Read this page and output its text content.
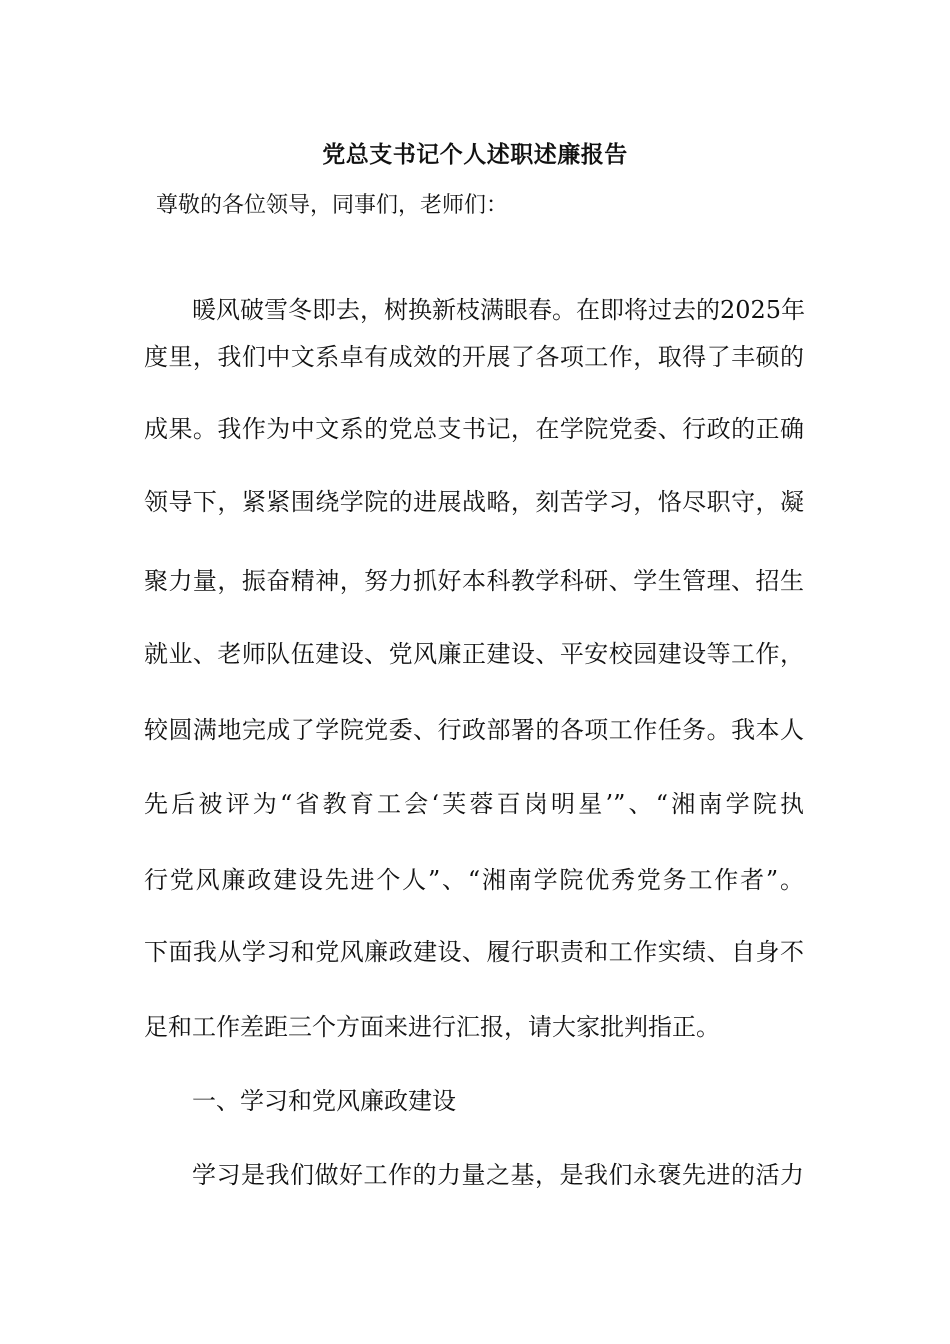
党总支书记个人述职述廉报告
尊敬的各位领导，同事们，老师们：
暖风破雪冬即去，树换新枝满眼春。在即将过去的2025年
度里，我们中文系卓有成效的开展了各项工作，取得了丰硕的
成果。我作为中文系的党总支书记，在学院党委、行政的正确
领导下，紧紧围绕学院的进展战略，刻苦学习，恪尽职守，凝
聚力量，振奋精神，努力抓好本科教学科研、学生管理、招生
就业、老师队伍建设、党风廉正建设、平安校园建设等工作，
较圆满地完成了学院党委、行政部署的各项工作任务。我本人
先后被评为“省教育工会‘芙蓉百岗明星’”、“湘南学院执
行党风廉政建设先进个人”、“湘南学院优秀党务工作者”。
下面我从学习和党风廉政建设、履行职责和工作实绩、自身不
足和工作差距三个方面来进行汇报，请大家批判指正。
一、学习和党风廉政建设
学习是我们做好工作的力量之基，是我们永褒先进的活力
